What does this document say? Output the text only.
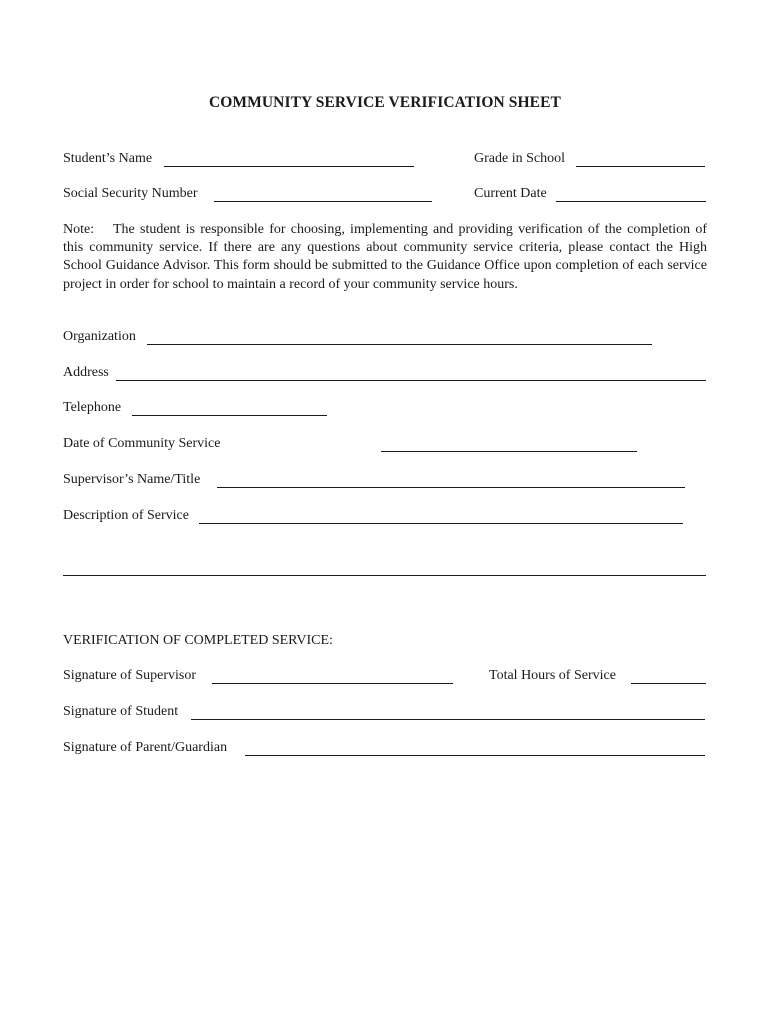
COMMUNITY SERVICE VERIFICATION SHEET
Student’s Name	Grade in School
Social Security Number	Current Date
Note: The student is responsible for choosing, implementing and providing verification of the completion of this community service. If there are any questions about community service criteria, please contact the High School Guidance Advisor. This form should be submitted to the Guidance Office upon completion of each service project in order for school to maintain a record of your community service hours.
Organization
Address
Telephone
Date of Community Service
Supervisor’s Name/Title
Description of Service
VERIFICATION OF COMPLETED SERVICE:
Signature of Supervisor	Total Hours of Service
Signature of Student
Signature of Parent/Guardian
